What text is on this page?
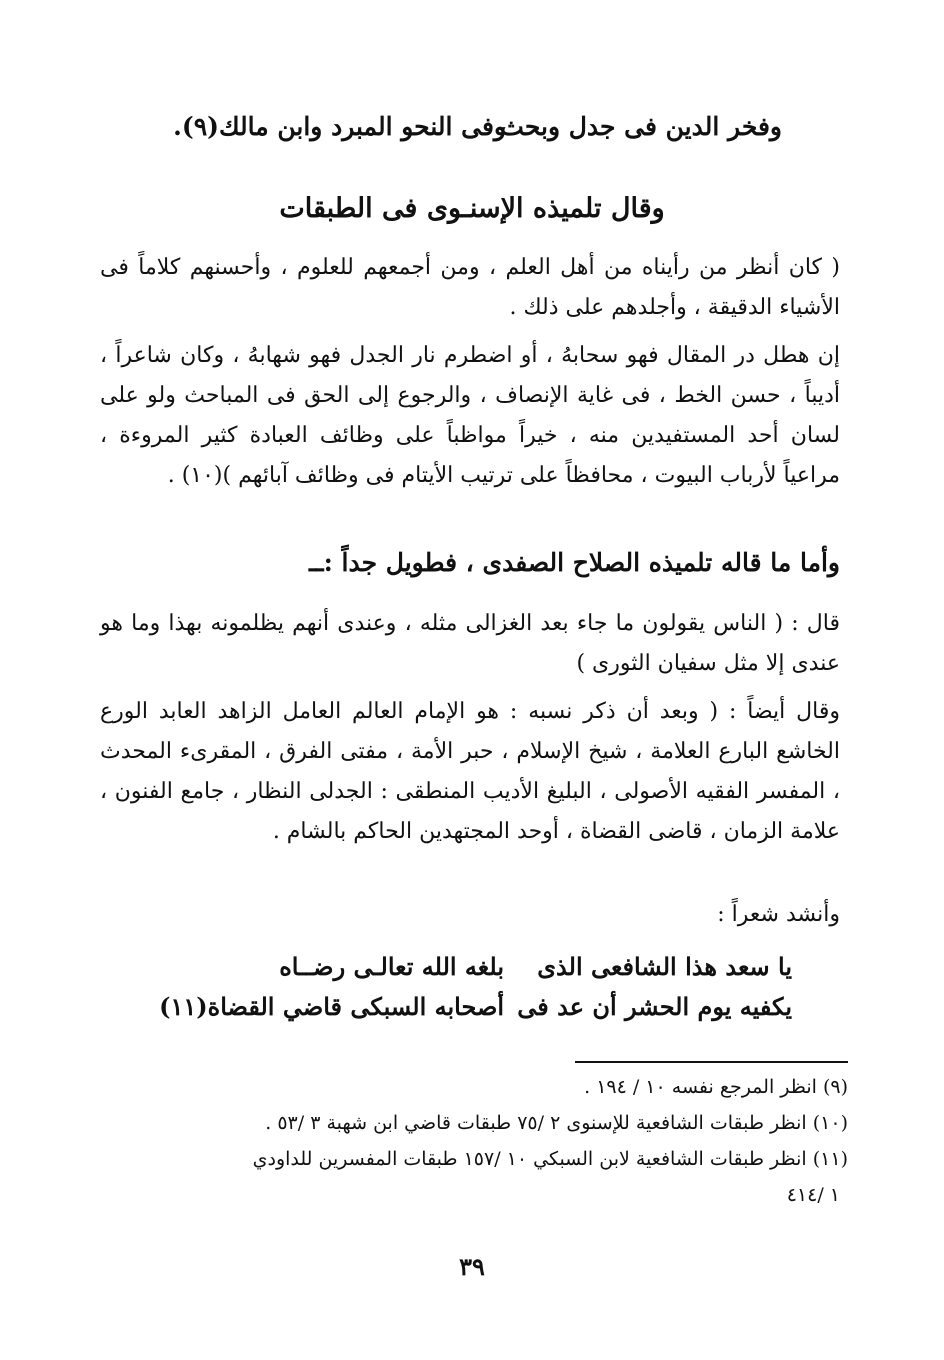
وفخر الدين فى جدل وبحث
وفى النحو المبرد وابن مالك(٩).
وقال تلميذه الإسنـوى فى الطبقات
( كان أنظر من رأيناه من أهل العلم ، ومن أجمعهم للعلوم ، وأحسنهم كلاماً فى الأشياء الدقيقة ، وأجلدهم على ذلك .
إن هطل در المقال فهو سحابهُ ، أو اضطرم نار الجدل فهو شهابهُ ، وكان شاعراً ، أديباً ، حسن الخط ، فى غاية الإنصاف ، والرجوع إلى الحق فى المباحث ولو على لسان أحد المستفيدين منه ، خيراً مواظباً على وظائف العبادة كثير المروءة ، مراعياً لأرباب البيوت ، محافظاً على ترتيب الأيتام فى وظائف آبائهم )(١٠) .
وأما ما قاله تلميذه الصلاح الصفدى ، فطويل جداً :ــ
قال : ( الناس يقولون ما جاء بعد الغزالى مثله ، وعندى أنهم يظلمونه بهذا وما هو عندى إلا مثل سفيان الثورى )
وقال أيضاً : ( وبعد أن ذكر نسبه : هو الإمام العالم العامل الزاهد العابد الورع الخاشع البارع العلامة ، شيخ الإسلام ، حبر الأمة ، مفتى الفرق ، المقرىء المحدث ، المفسر الفقيه الأصولى ، البليغ الأديب المنطقى : الجدلى النظار ، جامع الفنون ، علامة الزمان ، قاضى القضاة ، أوحد المجتهدين الحاكم بالشام .
وأنشد شعراً :
يا سعد هذا الشافعى الذى
بلغه الله تعالـى رضــاه
يكفيه يوم الحشر أن عد فى
أصحابه السبكى قاضي القضاة(١١)
(٩) انظر المرجع نفسه ١٠ / ١٩٤ .
(١٠) انظر طبقات الشافعية للإسنوى ٢ /٧٥ طبقات قاضي ابن شهبة ٣ /٥٣ .
(١١) انظر طبقات الشافعية لابن السبكي ١٠ /١٥٧ طبقات المفسرين للداودي
١ /٤١٤
٣٩
